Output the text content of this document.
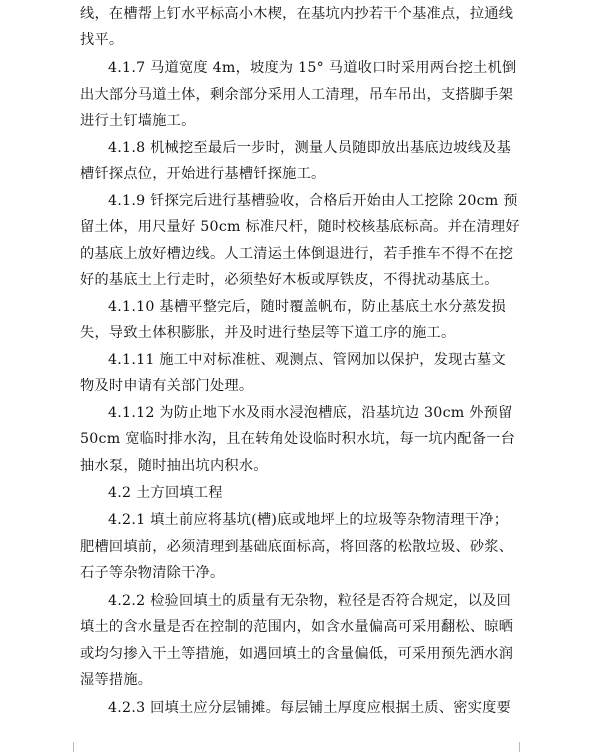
线，在槽帮上钉水平标高小木楔，在基坑内抄若干个基准点，拉通线
找平。
4.1.7 马道宽度 4m，坡度为 15° 马道收口时采用两台挖土机倒
出大部分马道土体，剩余部分采用人工清理，吊车吊出，支搭脚手架
进行土钉墙施工。
4.1.8 机械挖至最后一步时，测量人员随即放出基底边坡线及基
槽钎探点位，开始进行基槽钎探施工。
4.1.9 钎探完后进行基槽验收，合格后开始由人工挖除 20cm 预
留土体，用尺量好 50cm 标准尺杆，随时校核基底标高。并在清理好
的基底上放好槽边线。人工清运土体倒退进行，若手推车不得不在挖
好的基底土上行走时，必须垫好木板或厚铁皮，不得扰动基底土。
4.1.10 基槽平整完后，随时覆盖帆布，防止基底土水分蒸发损
失，导致土体积膨胀，并及时进行垫层等下道工序的施工。
4.1.11 施工中对标准桩、观测点、管网加以保护，发现古墓文
物及时申请有关部门处理。
4.1.12 为防止地下水及雨水浸泡槽底，沿基坑边 30cm 外预留
50cm 宽临时排水沟，且在转角处设临时积水坑，每一坑内配备一台
抽水泵，随时抽出坑内积水。
4.2 土方回填工程
4.2.1 填土前应将基坑(槽)底或地坪上的垃圾等杂物清理干净；
肥槽回填前，必须清理到基础底面标高，将回落的松散垃圾、砂浆、
石子等杂物清除干净。
4.2.2 检验回填土的质量有无杂物，粒径是否符合规定，以及回
填土的含水量是否在控制的范围内，如含水量偏高可采用翻松、晾晒
或均匀掺入干土等措施，如遇回填土的含量偏低，可采用预先洒水润
湿等措施。
4.2.3 回填土应分层铺摊。每层铺土厚度应根据土质、密实度要
